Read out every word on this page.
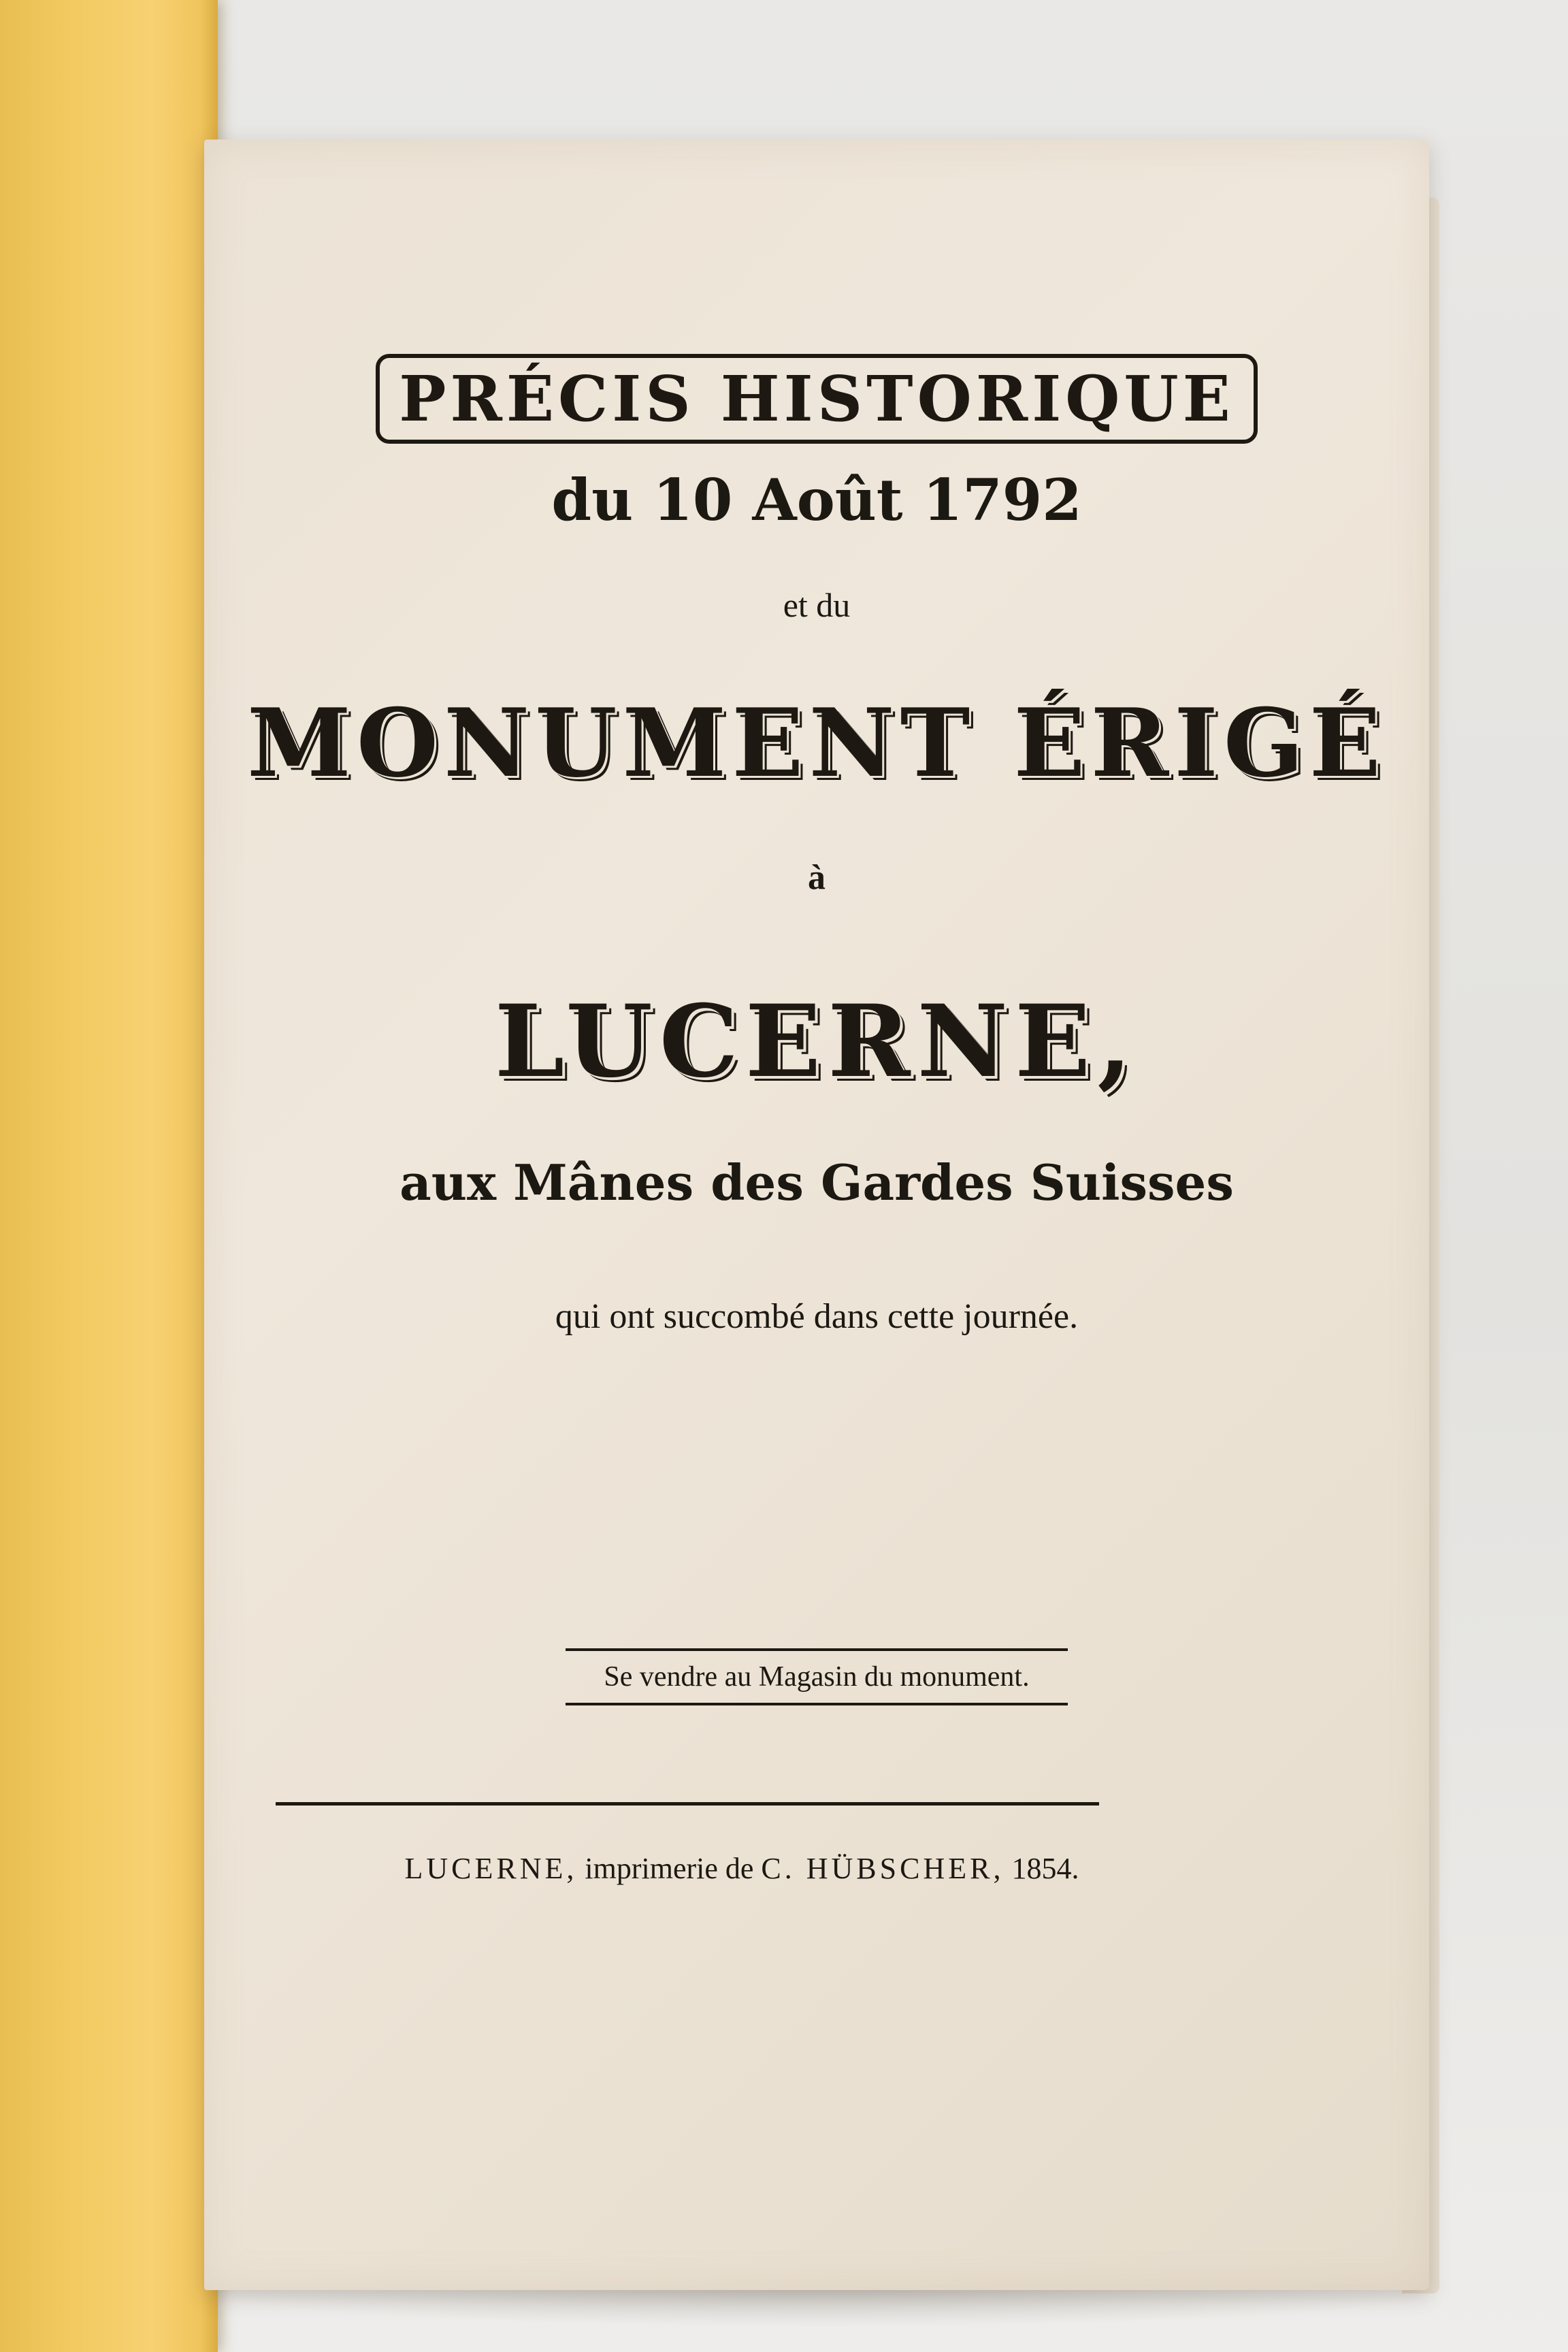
PRÉCIS HISTORIQUE
du 10 Août 1792
et du
MONUMENT ÉRIGÉ
à
LUCERNE,
aux Mânes des Gardes Suisses
qui ont succombé dans cette journée.
Se vendre au Magasin du monument.
LUCERNE, imprimerie de C. HÜBSCHER, 1854.
